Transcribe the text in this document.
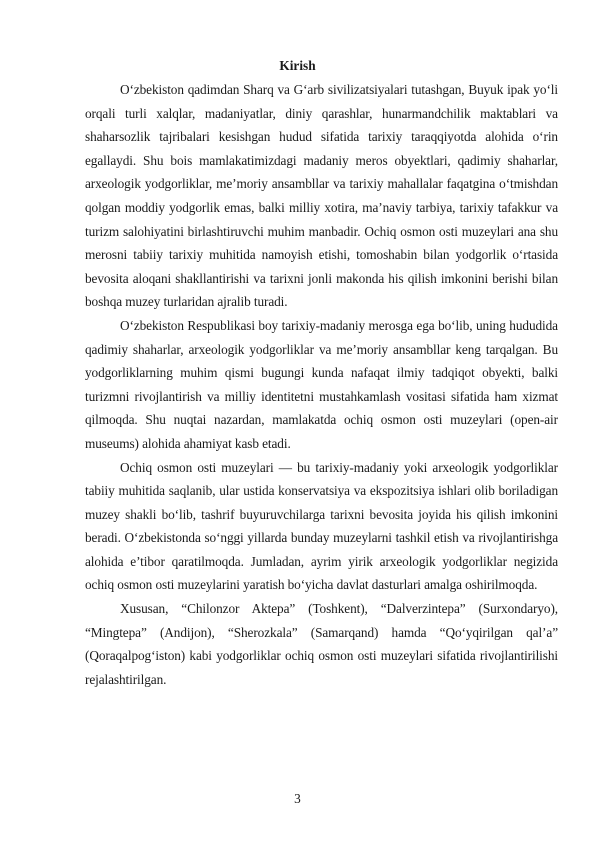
Kirish

O‘zbekiston qadimdan Sharq va G‘arb sivilizatsiyalari tutashgan, Buyuk ipak yo‘li orqali turli xalqlar, madaniyatlar, diniy qarashlar, hunarmandchilik maktablari va shaharsozlik tajribalari kesishgan hudud sifatida tarixiy taraqqiyotda alohida o‘rin egallaydi. Shu bois mamlakatimizdagi madaniy meros obyektlari, qadimiy shaharlar, arxeologik yodgorliklar, me’moriy ansambllar va tarixiy mahallalar faqatgina o‘tmishdan qolgan moddiy yodgorlik emas, balki milliy xotira, ma’naviy tarbiya, tarixiy tafakkur va turizm salohiyatini birlashtiruvchi muhim manbadir. Ochiq osmon osti muzeylari ana shu merosni tabiiy tarixiy muhitida namoyish etishi, tomoshabin bilan yodgorlik o‘rtasida bevosita aloqani shakllantirishi va tarixni jonli makonda his qilish imkonini berishi bilan boshqa muzey turlaridan ajralib turadi.

O‘zbekiston Respublikasi boy tarixiy-madaniy merosga ega bo‘lib, uning hududida qadimiy shaharlar, arxeologik yodgorliklar va me’moriy ansambllar keng tarqalgan. Bu yodgorliklarning muhim qismi bugungi kunda nafaqat ilmiy tadqiqot obyekti, balki turizmni rivojlantirish va milliy identitetni mustahkamlash vositasi sifatida ham xizmat qilmoqda. Shu nuqtai nazardan, mamlakatda ochiq osmon osti muzeylari (open-air museums) alohida ahamiyat kasb etadi.

Ochiq osmon osti muzeylari — bu tarixiy-madaniy yoki arxeologik yodgorliklar tabiiy muhitida saqlanib, ular ustida konservatsiya va ekspozitsiya ishlari olib boriladigan muzey shakli bo‘lib, tashrif buyuruvchilarga tarixni bevosita joyida his qilish imkonini beradi. O‘zbekistonda so‘nggi yillarda bunday muzeylarni tashkil etish va rivojlantirishga alohida e’tibor qaratilmoqda. Jumladan, ayrim yirik arxeologik yodgorliklar negizida ochiq osmon osti muzeylarini yaratish bo‘yicha davlat dasturlari amalga oshirilmoqda.

Xususan, “Chilonzor Aktepa” (Toshkent), “Dalverzintepa” (Surxondaryo), “Mingtepa” (Andijon), “Sherozkala” (Samarqand) hamda “Qo‘yqirilgan qal’a” (Qoraqalpog‘iston) kabi yodgorliklar ochiq osmon osti muzeylari sifatida rivojlantirilishi rejalashtirilgan.

3
